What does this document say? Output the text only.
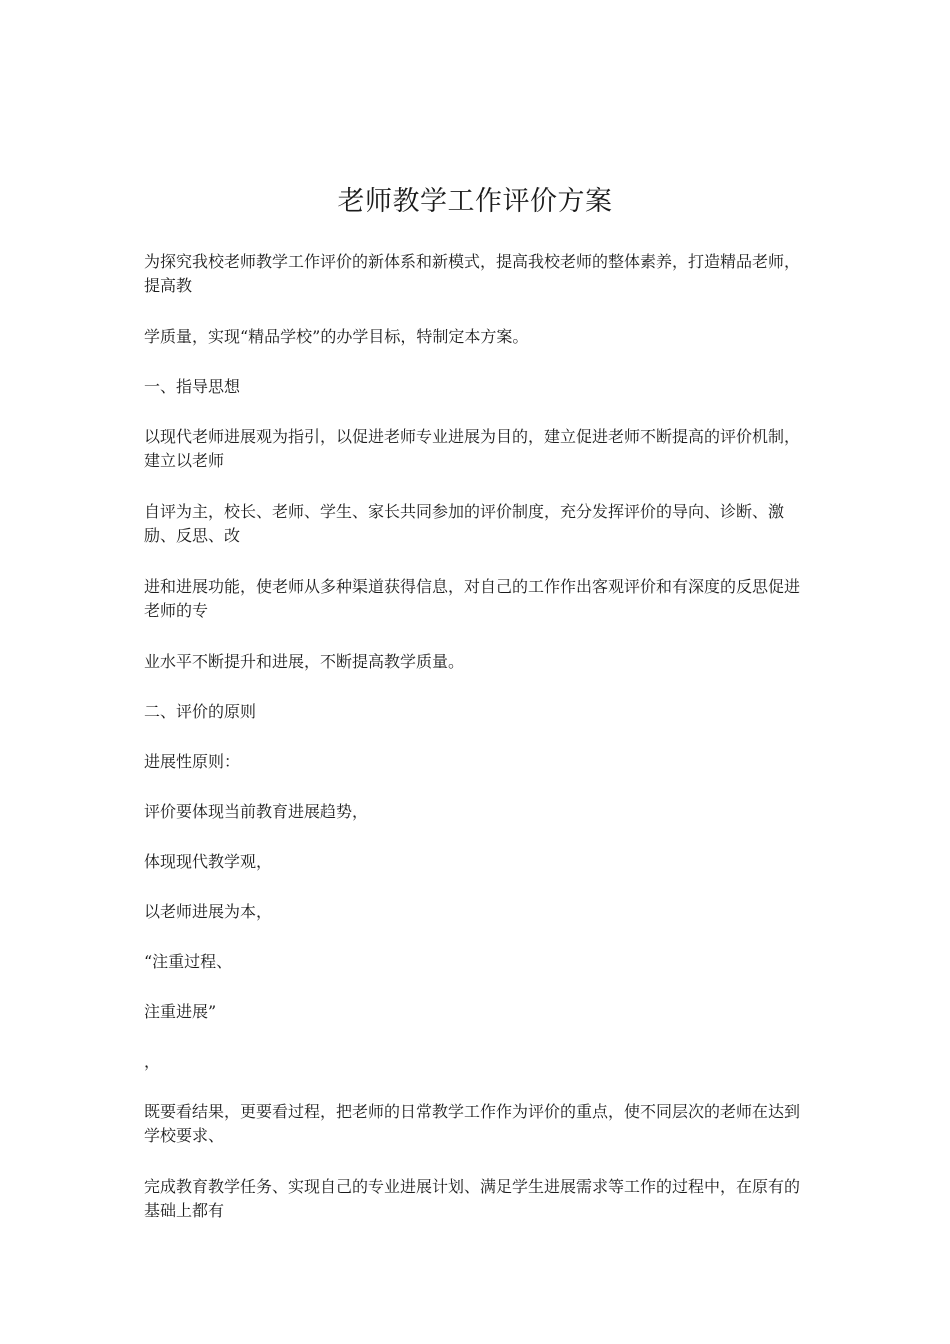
老师教学工作评价方案

为探究我校老师教学工作评价的新体系和新模式，提高我校老师的整体素养，打造精品老师，提高教

学质量，实现“精品学校”的办学目标，特制定本方案。

一、指导思想

以现代老师进展观为指引，以促进老师专业进展为目的，建立促进老师不断提高的评价机制，建立以老师

自评为主，校长、老师、学生、家长共同参加的评价制度，充分发挥评价的导向、诊断、激励、反思、改

进和进展功能，使老师从多种渠道获得信息，对自己的工作作出客观评价和有深度的反思促进老师的专

业水平不断提升和进展，不断提高教学质量。

二、评价的原则

进展性原则：

评价要体现当前教育进展趋势，

体现现代教学观，

以老师进展为本，

“注重过程、

注重进展”

，

既要看结果，更要看过程，把老师的日常教学工作作为评价的重点，使不同层次的老师在达到学校要求、

完成教育教学任务、实现自己的专业进展计划、满足学生进展需求等工作的过程中，在原有的基础上都有
